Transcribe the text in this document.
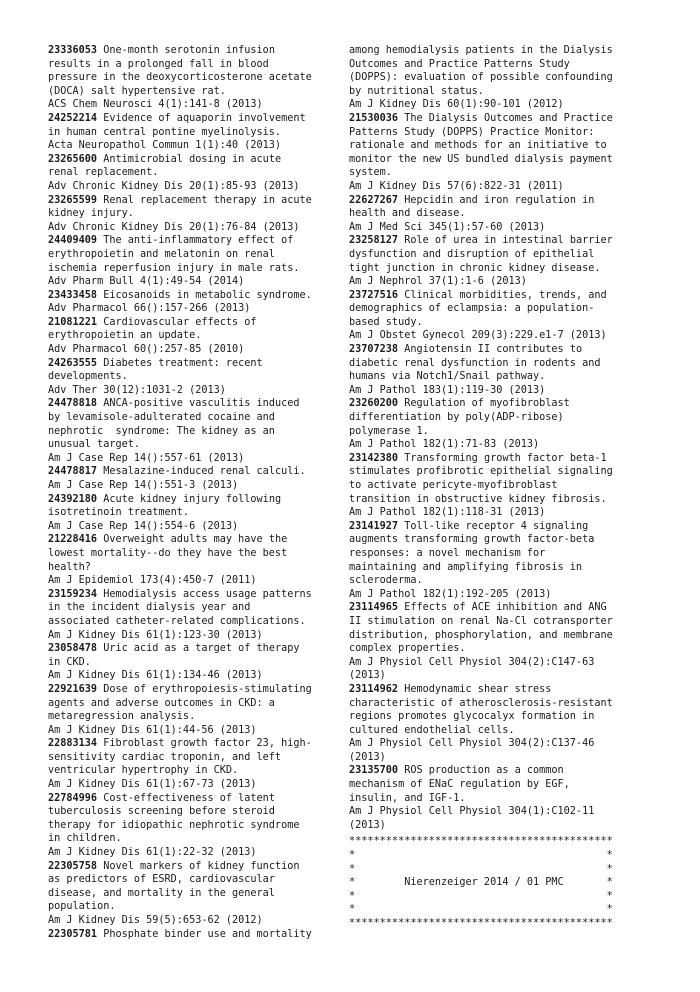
23336053 One-month serotonin infusion
results in a prolonged fall in blood
pressure in the deoxycorticosterone acetate
(DOCA) salt hypertensive rat.
ACS Chem Neurosci 4(1):141-8 (2013)
24252214 Evidence of aquaporin involvement
in human central pontine myelinolysis.
Acta Neuropathol Commun 1(1):40 (2013)
23265600 Antimicrobial dosing in acute
renal replacement.
Adv Chronic Kidney Dis 20(1):85-93 (2013)
23265599 Renal replacement therapy in acute
kidney injury.
Adv Chronic Kidney Dis 20(1):76-84 (2013)
24409409 The anti-inflammatory effect of
erythropoietin and melatonin on renal
ischemia reperfusion injury in male rats.
Adv Pharm Bull 4(1):49-54 (2014)
23433458 Eicosanoids in metabolic syndrome.
Adv Pharmacol 66():157-266 (2013)
21081221 Cardiovascular effects of
erythropoietin an update.
Adv Pharmacol 60():257-85 (2010)
24263555 Diabetes treatment: recent
developments.
Adv Ther 30(12):1031-2 (2013)
24478818 ANCA-positive vasculitis induced
by levamisole-adulterated cocaine and
nephrotic  syndrome: The kidney as an
unusual target.
Am J Case Rep 14():557-61 (2013)
24478817 Mesalazine-induced renal calculi.
Am J Case Rep 14():551-3 (2013)
24392180 Acute kidney injury following
isotretinoin treatment.
Am J Case Rep 14():554-6 (2013)
21228416 Overweight adults may have the
lowest mortality--do they have the best
health?
Am J Epidemiol 173(4):450-7 (2011)
23159234 Hemodialysis access usage patterns
in the incident dialysis year and
associated catheter-related complications.
Am J Kidney Dis 61(1):123-30 (2013)
23058478 Uric acid as a target of therapy
in CKD.
Am J Kidney Dis 61(1):134-46 (2013)
22921639 Dose of erythropoiesis-stimulating
agents and adverse outcomes in CKD: a
metaregression analysis.
Am J Kidney Dis 61(1):44-56 (2013)
22883134 Fibroblast growth factor 23, high-
sensitivity cardiac troponin, and left
ventricular hypertrophy in CKD.
Am J Kidney Dis 61(1):67-73 (2013)
22784996 Cost-effectiveness of latent
tuberculosis screening before steroid
therapy for idiopathic nephrotic syndrome
in children.
Am J Kidney Dis 61(1):22-32 (2013)
22305758 Novel markers of kidney function
as predictors of ESRD, cardiovascular
disease, and mortality in the general
population.
Am J Kidney Dis 59(5):653-62 (2012)
22305781 Phosphate binder use and mortality
among hemodialysis patients in the Dialysis
Outcomes and Practice Patterns Study
(DOPPS): evaluation of possible confounding
by nutritional status.
Am J Kidney Dis 60(1):90-101 (2012)
21530036 The Dialysis Outcomes and Practice
Patterns Study (DOPPS) Practice Monitor:
rationale and methods for an initiative to
monitor the new US bundled dialysis payment
system.
Am J Kidney Dis 57(6):822-31 (2011)
22627267 Hepcidin and iron regulation in
health and disease.
Am J Med Sci 345(1):57-60 (2013)
23258127 Role of urea in intestinal barrier
dysfunction and disruption of epithelial
tight junction in chronic kidney disease.
Am J Nephrol 37(1):1-6 (2013)
23727516 Clinical morbidities, trends, and
demographics of eclampsia: a population-
based study.
Am J Obstet Gynecol 209(3):229.e1-7 (2013)
23707238 Angiotensin II contributes to
diabetic renal dysfunction in rodents and
humans via Notch1/Snail pathway.
Am J Pathol 183(1):119-30 (2013)
23260200 Regulation of myofibroblast
differentiation by poly(ADP-ribose)
polymerase 1.
Am J Pathol 182(1):71-83 (2013)
23142380 Transforming growth factor beta-1
stimulates profibrotic epithelial signaling
to activate pericyte-myofibroblast
transition in obstructive kidney fibrosis.
Am J Pathol 182(1):118-31 (2013)
23141927 Toll-like receptor 4 signaling
augments transforming growth factor-beta
responses: a novel mechanism for
maintaining and amplifying fibrosis in
scleroderma.
Am J Pathol 182(1):192-205 (2013)
23114965 Effects of ACE inhibition and ANG
II stimulation on renal Na-Cl cotransporter
distribution, phosphorylation, and membrane
complex properties.
Am J Physiol Cell Physiol 304(2):C147-63
(2013)
23114962 Hemodynamic shear stress
characteristic of atherosclerosis-resistant
regions promotes glycocalyx formation in
cultured endothelial cells.
Am J Physiol Cell Physiol 304(2):C137-46
(2013)
23135700 ROS production as a common
mechanism of ENaC regulation by EGF,
insulin, and IGF-1.
Am J Physiol Cell Physiol 304(1):C102-11
(2013)
*******************************************
*                                         *
*                                         *
*        Nierenzeiger 2014 / 01 PMC       *
*                                         *
*                                         *
*******************************************
